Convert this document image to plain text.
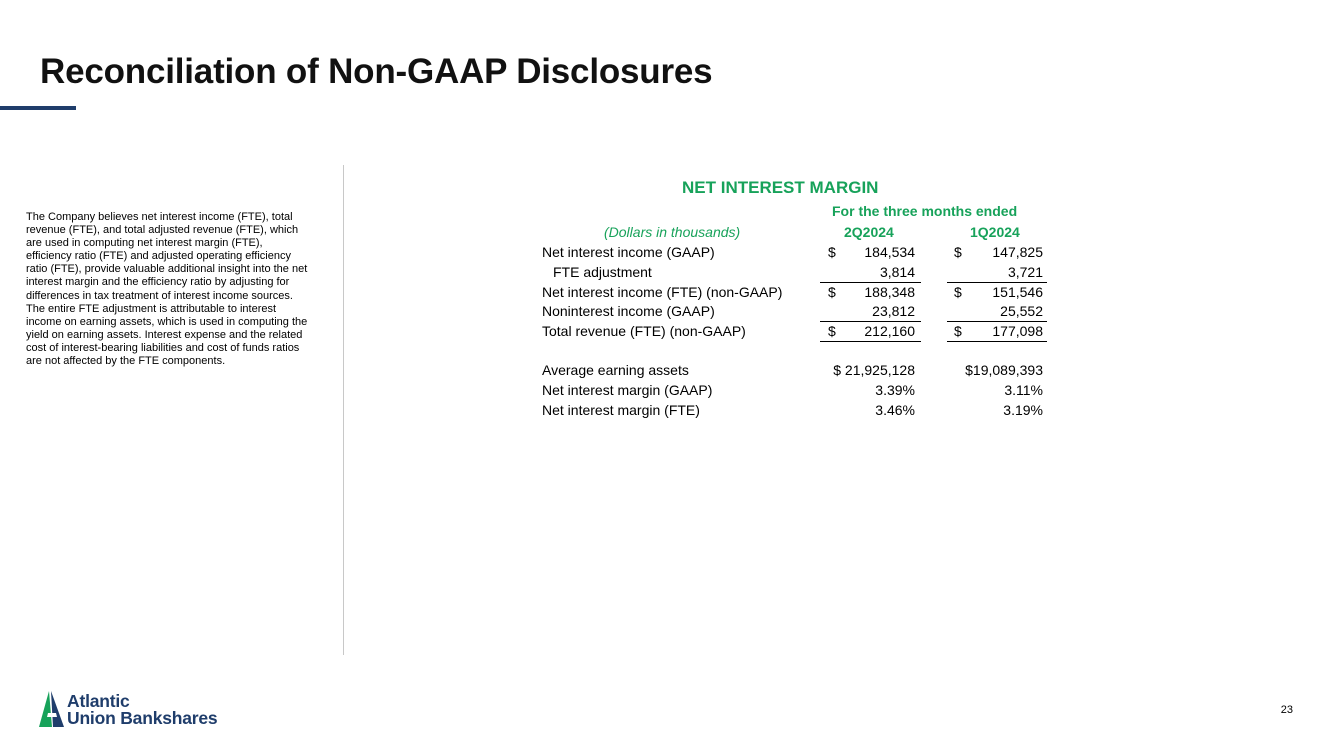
Reconciliation of Non-GAAP Disclosures
The Company believes net interest income (FTE), total revenue (FTE), and total adjusted revenue (FTE), which are used in computing net interest margin (FTE), efficiency ratio (FTE) and adjusted operating efficiency ratio (FTE), provide valuable additional insight into the net interest margin and the efficiency ratio by adjusting for differences in tax treatment of interest income sources. The entire FTE adjustment is attributable to interest income on earning assets, which is used in computing the yield on earning assets. Interest expense and the related cost of interest-bearing liabilities and cost of funds ratios are not affected by the FTE components.
NET INTEREST MARGIN
For the three months ended
(Dollars in thousands)	2Q2024	1Q2024
Net interest income (GAAP)	$ 184,534	$ 147,825
FTE adjustment	3,814	3,721
Net interest income (FTE) (non-GAAP)	$ 188,348	$ 151,546
Noninterest income (GAAP)	23,812	25,552
Total revenue (FTE) (non-GAAP)	$ 212,160	$ 177,098
Average earning assets	$ 21,925,128	$19,089,393
Net interest margin (GAAP)	3.39%	3.11%
Net interest margin (FTE)	3.46%	3.19%
Atlantic
Union Bankshares	23
